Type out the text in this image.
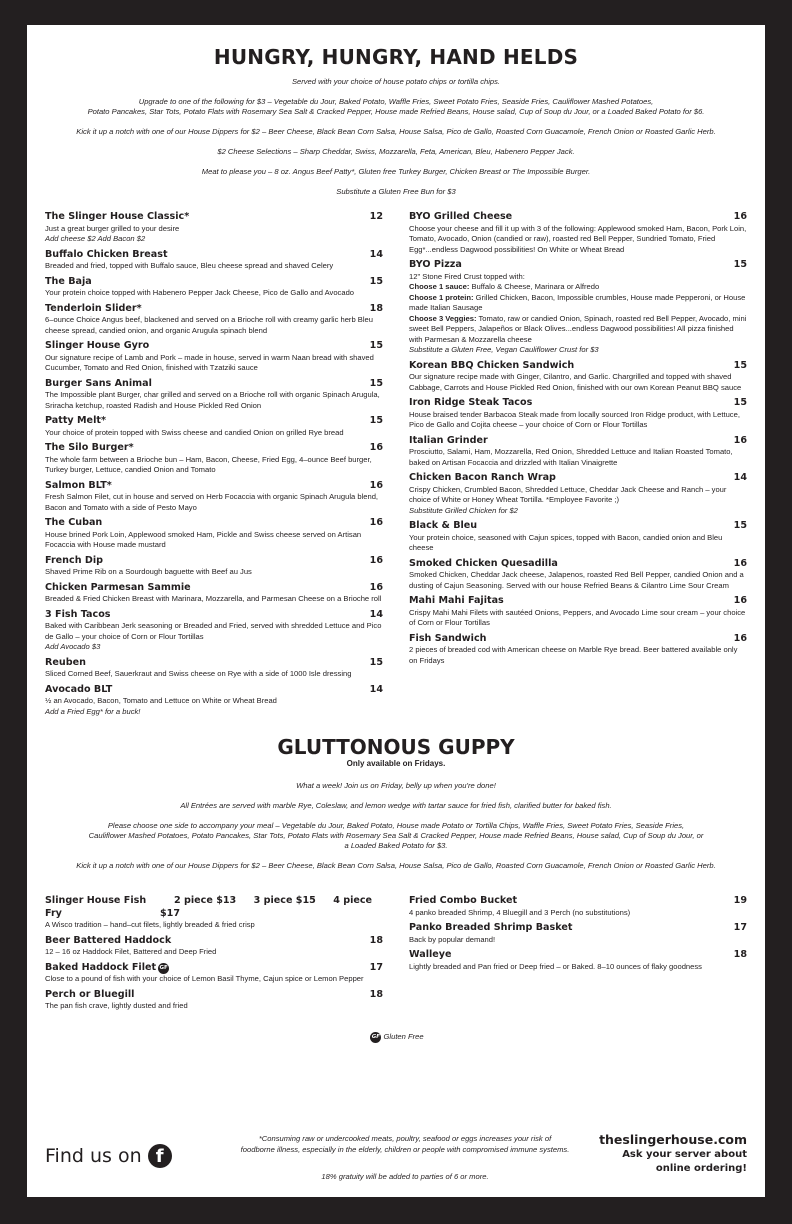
HUNGRY, HUNGRY, HAND HELDS

Served with your choice of house potato chips or tortilla chips.

Upgrade to one of the following for $3 – Vegetable du Jour, Baked Potato, Waffle Fries, Sweet Potato Fries, Seaside Fries, Cauliflower Mashed Potatoes,

Potato Pancakes, Star Tots, Potato Flats with Rosemary Sea Salt & Cracked Pepper, House made Refried Beans, House salad, Cup of Soup du Jour, or a Loaded Baked Potato for $6.

Kick it up a notch with one of our House Dippers for $2 – Beer Cheese, Black Bean Corn Salsa, House Salsa, Pico de Gallo, Roasted Corn Guacamole, French Onion or Roasted Garlic Herb.

$2 Cheese Selections – Sharp Cheddar, Swiss, Mozzarella, Feta, American, Bleu, Habenero Pepper Jack.

Meat to please you – 8 oz. Angus Beef Patty*, Gluten free Turkey Burger, Chicken Breast or The Impossible Burger.

Substitute a Gluten Free Bun for $3

The Slinger House Classic*	12
Just a great burger grilled to your desire
Add cheese $2 Add Bacon $2
Buffalo Chicken Breast	14
Breaded and fried, topped with Buffalo sauce, Bleu cheese spread and shaved Celery
The Baja	15
Your protein choice topped with Habenero Pepper Jack Cheese, Pico de Gallo and Avocado
Tenderloin Slider*	18
6–ounce Choice Angus beef, blackened and served on a Brioche roll with creamy garlic herb Bleu cheese spread, candied onion, and organic Arugula spinach blend
Slinger House Gyro	15
Our signature recipe of Lamb and Pork – made in house, served in warm Naan bread with shaved Cucumber, Tomato and Red Onion, finished with Tzatziki sauce
Burger Sans Animal	15
The Impossible plant Burger, char grilled and served on a Brioche roll with organic Spinach Arugula, Sriracha ketchup, roasted Radish and House Pickled Red Onion
Patty Melt*	15
Your choice of protein topped with Swiss cheese and candied Onion on grilled Rye bread
The Silo Burger*	16
The whole farm between a Brioche bun – Ham, Bacon, Cheese, Fried Egg, 4–ounce Beef burger, Turkey burger, Lettuce, candied Onion and Tomato
Salmon BLT*	16
Fresh Salmon Filet, cut in house and served on Herb Focaccia with organic Spinach Arugula blend, Bacon and Tomato with a side of Pesto Mayo
The Cuban	16
House brined Pork Loin, Applewood smoked Ham, Pickle and Swiss cheese served on Artisan Focaccia with House made mustard
French Dip	16
Shaved Prime Rib on a Sourdough baguette with Beef au Jus
Chicken Parmesan Sammie	16
Breaded & Fried Chicken Breast with Marinara, Mozzarella, and Parmesan Cheese on a Brioche roll
3 Fish Tacos	14
Baked with Caribbean Jerk seasoning or Breaded and Fried, served with shredded Lettuce and Pico de Gallo – your choice of Corn or Flour Tortillas
Add Avocado $3
Reuben	15
Sliced Corned Beef, Sauerkraut and Swiss cheese on Rye with a side of 1000 Isle dressing
Avocado BLT	14
½ an Avocado, Bacon, Tomato and Lettuce on White or Wheat Bread
Add a Fried Egg* for a buck!
BYO Grilled Cheese	16
Choose your cheese and fill it up with 3 of the following: Applewood smoked Ham, Bacon, Pork Loin, Tomato, Avocado, Onion (candied or raw), roasted red Bell Pepper, Sundried Tomato, Fried Egg*...endless Dagwood possibilities! On White or Wheat Bread
BYO Pizza	15
12" Stone Fired Crust topped with:
Choose 1 sauce: Buffalo & Cheese, Marinara or Alfredo
Choose 1 protein: Grilled Chicken, Bacon, Impossible crumbles, House made Pepperoni, or House made Italian Sausage
Choose 3 Veggies: Tomato, raw or candied Onion, Spinach, roasted red Bell Pepper, Avocado, mini sweet Bell Peppers, Jalapeños or Black Olives...endless Dagwood possibilities! All pizza finished with Parmesan & Mozzarella cheese
Substitute a Gluten Free, Vegan Cauliflower Crust for $3
Korean BBQ Chicken Sandwich	15
Our signature recipe made with Ginger, Cilantro, and Garlic. Chargrilled and topped with shaved Cabbage, Carrots and House Pickled Red Onion, finished with our own Korean Peanut BBQ sauce
Iron Ridge Steak Tacos	15
House braised tender Barbacoa Steak made from locally sourced Iron Ridge product, with Lettuce, Pico de Gallo and Cojita cheese – your choice of Corn or Flour Tortillas
Italian Grinder	16
Prosciutto, Salami, Ham, Mozzarella, Red Onion, Shredded Lettuce and Italian Roasted Tomato, baked on Artisan Focaccia and drizzled with Italian Vinaigrette
Chicken Bacon Ranch Wrap	14
Crispy Chicken, Crumbled Bacon, Shredded Lettuce, Cheddar Jack Cheese and Ranch – your choice of White or Honey Wheat Tortilla. *Employee Favorite ;)
Substitute Grilled Chicken for $2
Black & Bleu	15
Your protein choice, seasoned with Cajun spices, topped with Bacon, candied onion and Bleu cheese
Smoked Chicken Quesadilla	16
Smoked Chicken, Cheddar Jack cheese, Jalapenos, roasted Red Bell Pepper, candied Onion and a dusting of Cajun Seasoning. Served with our house Refried Beans & Cilantro Lime Sour Cream
Mahi Mahi Fajitas	16
Crispy Mahi Mahi Filets with sautéed Onions, Peppers, and Avocado Lime sour cream – your choice of Corn or Flour Tortillas
Fish Sandwich	16
2 pieces of breaded cod with American cheese on Marble Rye bread. Beer battered available only on Fridays
GLUTTONOUS GUPPY
Only available on Fridays.

What a week! Join us on Friday, belly up when you're done!

All Entrées are served with marble Rye, Coleslaw, and lemon wedge with tartar sauce for fried fish, clarified butter for baked fish.

Please choose one side to accompany your meal – Vegetable du Jour, Baked Potato, House made Potato or Tortilla Chips, Waffle Fries, Sweet Potato Fries, Seaside Fries,

Cauliflower Mashed Potatoes, Potato Pancakes, Star Tots, Potato Flats with Rosemary Sea Salt & Cracked Pepper, House made Refried Beans, House salad, Cup of Soup du Jour, or

a Loaded Baked Potato for $3.

Kick it up a notch with one of our House Dippers for $2 – Beer Cheese, Black Bean Corn Salsa, House Salsa, Pico de Gallo, Roasted Corn Guacamole, French Onion or Roasted Garlic Herb.

Slinger House Fish Fry
2 piece $13 3 piece $15 4 piece $17
A Wisco tradition – hand–cut filets, lightly breaded & fried crisp
Beer Battered Haddock	18
12 – 16 oz Haddock Filet, Battered and Deep Fried
Baked Haddock Filet GF	17
Close to a pound of fish with your choice of Lemon Basil Thyme, Cajun spice or Lemon Pepper
Perch or Bluegill	18
The pan fish crave, lightly dusted and fried
Fried Combo Bucket	19
4 panko breaded Shrimp, 4 Bluegill and 3 Perch (no substitutions)
Panko Breaded Shrimp Basket	17
Back by popular demand!
Walleye	18
Lightly breaded and Pan fried or Deep fried – or Baked. 8–10 ounces of flaky goodness
GF Gluten Free
Find us on f
*Consuming raw or undercooked meats, poultry, seafood or eggs increases your risk of
foodborne illness, especially in the elderly, children or people with compromised immune systems.
18% gratuity will be added to parties of 6 or more.
theslingerhouse.com
Ask your server about
online ordering!
